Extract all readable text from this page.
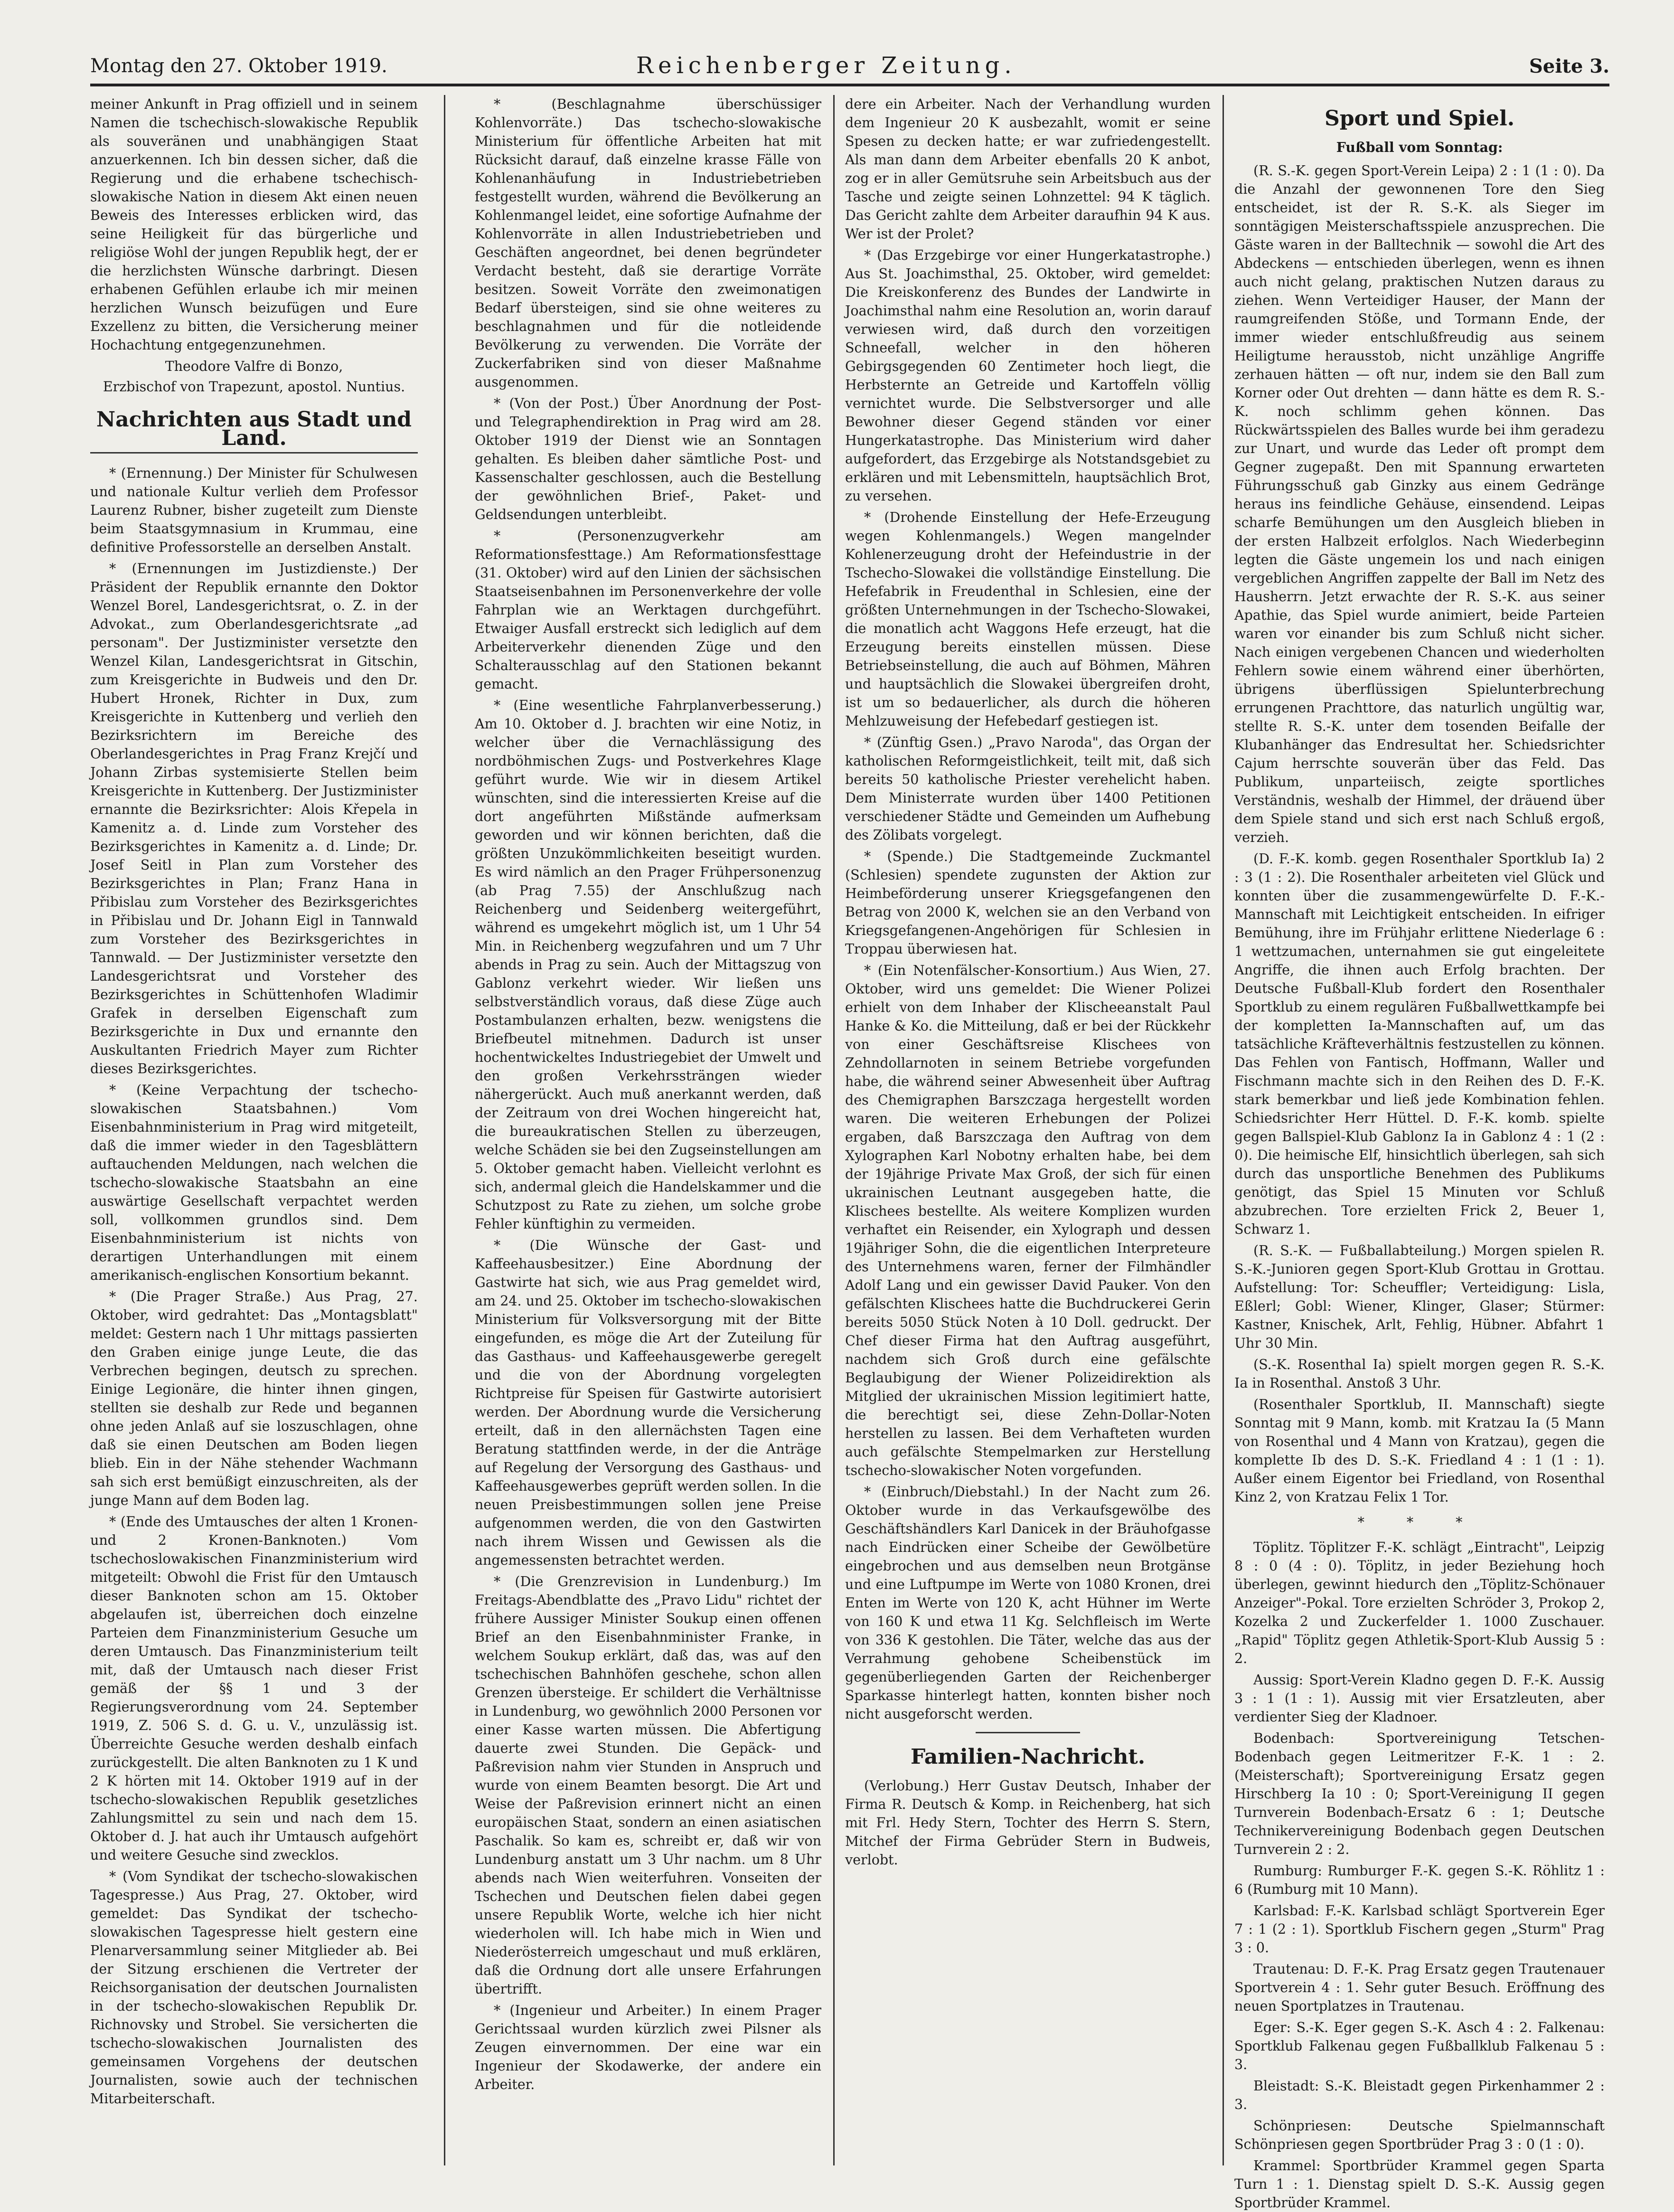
Montag den 27. Oktober 1919.	Reichenberger Zeitung.	Seite 3.

meiner Ankunft in Prag offiziell und in seinem Namen die tschechisch-slowakische Republik als souveränen und unabhängigen Staat anzuerkennen. Ich bin dessen sicher, daß die Regierung und die erhabene tschechisch-slowakische Nation in diesem Akt einen neuen Beweis des Interesses erblicken wird, das seine Heiligkeit für das bürgerliche und religiöse Wohl der jungen Republik hegt, der er die herzlichsten Wünsche darbringt. Diesen erhabenen Gefühlen erlaube ich mir meinen herzlichen Wunsch beizufügen und Eure Exzellenz zu bitten, die Versicherung meiner Hochachtung entgegenzunehmen.

Theodore Valfre di Bonzo,

Erzbischof von Trapezunt, apostol. Nuntius.

Nachrichten aus Stadt und Land.

* (Ernennung.) Der Minister für Schulwesen und nationale Kultur verlieh dem Professor Laurenz Rubner, bisher zugeteilt zum Dienste beim Staatsgymnasium in Krummau, eine definitive Professorstelle an derselben Anstalt.

* (Ernennungen im Justizdienste.) Der Präsident der Republik ernannte den Doktor Wenzel Borel, Landesgerichtsrat, o. Z. in der Advokat., zum Oberlandesgerichtsrate „ad personam". Der Justizminister versetzte den Wenzel Kilan, Landesgerichtsrat in Gitschin, zum Kreisgerichte in Budweis und den Dr. Hubert Hronek, Richter in Dux, zum Kreisgerichte in Kuttenberg und verlieh den Bezirksrichtern im Bereiche des Oberlandesgerichtes in Prag Franz Krejčí und Johann Zirbas systemisierte Stellen beim Kreisgerichte in Kuttenberg. Der Justizminister ernannte die Bezirksrichter: Alois Křepela in Kamenitz a. d. Linde zum Vorsteher des Bezirksgerichtes in Kamenitz a. d. Linde; Dr. Josef Seitl in Plan zum Vorsteher des Bezirksgerichtes in Plan; Franz Hana in Přibislau zum Vorsteher des Bezirksgerichtes in Přibislau und Dr. Johann Eigl in Tannwald zum Vorsteher des Bezirksgerichtes in Tannwald. — Der Justizminister versetzte den Landesgerichtsrat und Vorsteher des Bezirksgerichtes in Schüttenhofen Wladimir Grafek in derselben Eigenschaft zum Bezirksgerichte in Dux und ernannte den Auskultanten Friedrich Mayer zum Richter dieses Bezirksgerichtes.

* (Keine Verpachtung der tschecho-slowakischen Staatsbahnen.) Vom Eisenbahnministerium in Prag wird mitgeteilt, daß die immer wieder in den Tagesblättern auftauchenden Meldungen, nach welchen die tschecho-slowakische Staatsbahn an eine auswärtige Gesellschaft verpachtet werden soll, vollkommen grundlos sind. Dem Eisenbahnministerium ist nichts von derartigen Unterhandlungen mit einem amerikanisch-englischen Konsortium bekannt.

* (Die Prager Straße.) Aus Prag, 27. Oktober, wird gedrahtet: Das „Montagsblatt" meldet: Gestern nach 1 Uhr mittags passierten den Graben einige junge Leute, die das Verbrechen begingen, deutsch zu sprechen. Einige Legionäre, die hinter ihnen gingen, stellten sie deshalb zur Rede und begannen ohne jeden Anlaß auf sie loszuschlagen, ohne daß sie einen Deutschen am Boden liegen blieb. Ein in der Nähe stehender Wachmann sah sich erst bemüßigt einzuschreiten, als der junge Mann auf dem Boden lag.

* (Ende des Umtausches der alten 1 Kronen- und 2 Kronen-Banknoten.) Vom tschechoslowakischen Finanzministerium wird mitgeteilt: Obwohl die Frist für den Umtausch dieser Banknoten schon am 15. Oktober abgelaufen ist, überreichen doch einzelne Parteien dem Finanzministerium Gesuche um deren Umtausch. Das Finanzministerium teilt mit, daß der Umtausch nach dieser Frist gemäß der §§ 1 und 3 der Regierungsverordnung vom 24. September 1919, Z. 506 S. d. G. u. V., unzulässig ist. Überreichte Gesuche werden deshalb einfach zurückgestellt. Die alten Banknoten zu 1 K und 2 K hörten mit 14. Oktober 1919 auf in der tschecho-slowakischen Republik gesetzliches Zahlungsmittel zu sein und nach dem 15. Oktober d. J. hat auch ihr Umtausch aufgehört und weitere Gesuche sind zwecklos.

* (Vom Syndikat der tschecho-slowakischen Tagespresse.) Aus Prag, 27. Oktober, wird gemeldet: Das Syndikat der tschecho-slowakischen Tagespresse hielt gestern eine Plenarversammlung seiner Mitglieder ab. Bei der Sitzung erschienen die Vertreter der Reichsorganisation der deutschen Journalisten in der tschecho-slowakischen Republik Dr. Richnovsky und Strobel. Sie versicherten die tschecho-slowakischen Journalisten des gemeinsamen Vorgehens der deutschen Journalisten, sowie auch der technischen Mitarbeiterschaft.

* (Beschlagnahme überschüssiger Kohlenvorräte.) Das tschecho-slowakische Ministerium für öffentliche Arbeiten hat mit Rücksicht darauf, daß einzelne krasse Fälle von Kohlenanhäufung in Industriebetrieben festgestellt wurden, während die Bevölkerung an Kohlenmangel leidet, eine sofortige Aufnahme der Kohlenvorräte in allen Industriebetrieben und Geschäften angeordnet, bei denen begründeter Verdacht besteht, daß sie derartige Vorräte besitzen. Soweit Vorräte den zweimonatigen Bedarf übersteigen, sind sie ohne weiteres zu beschlagnahmen und für die notleidende Bevölkerung zu verwenden. Die Vorräte der Zuckerfabriken sind von dieser Maßnahme ausgenommen.

* (Von der Post.) Über Anordnung der Post- und Telegraphendirektion in Prag wird am 28. Oktober 1919 der Dienst wie an Sonntagen gehalten. Es bleiben daher sämtliche Post- und Kassenschalter geschlossen, auch die Bestellung der gewöhnlichen Brief-, Paket- und Geldsendungen unterbleibt.

* (Personenzugverkehr am Reformationsfesttage.) Am Reformationsfesttage (31. Oktober) wird auf den Linien der sächsischen Staatseisenbahnen im Personenverkehre der volle Fahrplan wie an Werktagen durchgeführt. Etwaiger Ausfall erstreckt sich lediglich auf dem Arbeiterverkehr dienenden Züge und den Schalterausschlag auf den Stationen bekannt gemacht.

* (Eine wesentliche Fahrplanverbesserung.) Am 10. Oktober d. J. brachten wir eine Notiz, in welcher über die Vernachlässigung des nordböhmischen Zugs- und Postverkehres Klage geführt wurde. Wie wir in diesem Artikel wünschten, sind die interessierten Kreise auf die dort angeführten Mißstände aufmerksam geworden und wir können berichten, daß die größten Unzukömmlichkeiten beseitigt wurden. Es wird nämlich an den Prager Frühpersonenzug (ab Prag 7.55) der Anschlußzug nach Reichenberg und Seidenberg weitergeführt, während es umgekehrt möglich ist, um 1 Uhr 54 Min. in Reichenberg wegzufahren und um 7 Uhr abends in Prag zu sein. Auch der Mittagszug von Gablonz verkehrt wieder. Wir ließen uns selbstverständlich voraus, daß diese Züge auch Postambulanzen erhalten, bezw. wenigstens die Briefbeutel mitnehmen. Dadurch ist unser hochentwickeltes Industriegebiet der Umwelt und den großen Verkehrssträngen wieder nähergerückt. Auch muß anerkannt werden, daß der Zeitraum von drei Wochen hingereicht hat, die bureaukratischen Stellen zu überzeugen, welche Schäden sie bei den Zugseinstellungen am 5. Oktober gemacht haben. Vielleicht verlohnt es sich, andermal gleich die Handelskammer und die Schutzpost zu Rate zu ziehen, um solche grobe Fehler künftighin zu vermeiden.

* (Die Wünsche der Gast- und Kaffeehausbesitzer.) Eine Abordnung der Gastwirte hat sich, wie aus Prag gemeldet wird, am 24. und 25. Oktober im tschecho-slowakischen Ministerium für Volksversorgung mit der Bitte eingefunden, es möge die Art der Zuteilung für das Gasthaus- und Kaffeehausgewerbe geregelt und die von der Abordnung vorgelegten Richtpreise für Speisen für Gastwirte autorisiert werden. Der Abordnung wurde die Versicherung erteilt, daß in den allernächsten Tagen eine Beratung stattfinden werde, in der die Anträge auf Regelung der Versorgung des Gasthaus- und Kaffeehausgewerbes geprüft werden sollen. In die neuen Preisbestimmungen sollen jene Preise aufgenommen werden, die von den Gastwirten nach ihrem Wissen und Gewissen als die angemessensten betrachtet werden.

* (Die Grenzrevision in Lundenburg.) Im Freitags-Abendblatte des „Pravo Lidu" richtet der frühere Aussiger Minister Soukup einen offenen Brief an den Eisenbahnminister Franke, in welchem Soukup erklärt, daß das, was auf den tschechischen Bahnhöfen geschehe, schon allen Grenzen übersteige. Er schildert die Verhältnisse in Lundenburg, wo gewöhnlich 2000 Personen vor einer Kasse warten müssen. Die Abfertigung dauerte zwei Stunden. Die Gepäck- und Paßrevision nahm vier Stunden in Anspruch und wurde von einem Beamten besorgt. Die Art und Weise der Paßrevision erinnert nicht an einen europäischen Staat, sondern an einen asiatischen Paschalik. So kam es, schreibt er, daß wir von Lundenburg anstatt um 3 Uhr nachm. um 8 Uhr abends nach Wien weiterfuhren. Vonseiten der Tschechen und Deutschen fielen dabei gegen unsere Republik Worte, welche ich hier nicht wiederholen will. Ich habe mich in Wien und Niederösterreich umgeschaut und muß erklären, daß die Ordnung dort alle unsere Erfahrungen übertrifft.

* (Ingenieur und Arbeiter.) In einem Prager Gerichtssaal wurden kürzlich zwei Pilsner als Zeugen einvernommen. Der eine war ein Ingenieur der Skodawerke, der andere ein Arbeiter.

dere ein Arbeiter. Nach der Verhandlung wurden dem Ingenieur 20 K ausbezahlt, womit er seine Spesen zu decken hatte; er war zufriedengestellt. Als man dann dem Arbeiter ebenfalls 20 K anbot, zog er in aller Gemütsruhe sein Arbeitsbuch aus der Tasche und zeigte seinen Lohnzettel: 94 K täglich. Das Gericht zahlte dem Arbeiter daraufhin 94 K aus. Wer ist der Prolet?

* (Das Erzgebirge vor einer Hungerkatastrophe.) Aus St. Joachimsthal, 25. Oktober, wird gemeldet: Die Kreiskonferenz des Bundes der Landwirte in Joachimsthal nahm eine Resolution an, worin darauf verwiesen wird, daß durch den vorzeitigen Schneefall, welcher in den höheren Gebirgsgegenden 60 Zentimeter hoch liegt, die Herbsternte an Getreide und Kartoffeln völlig vernichtet wurde. Die Selbstversorger und alle Bewohner dieser Gegend ständen vor einer Hungerkatastrophe. Das Ministerium wird daher aufgefordert, das Erzgebirge als Notstandsgebiet zu erklären und mit Lebensmitteln, hauptsächlich Brot, zu versehen.

* (Drohende Einstellung der Hefe-Erzeugung wegen Kohlenmangels.) Wegen mangelnder Kohlenerzeugung droht der Hefeindustrie in der Tschecho-Slowakei die vollständige Einstellung. Die Hefefabrik in Freudenthal in Schlesien, eine der größten Unternehmungen in der Tschecho-Slowakei, die monatlich acht Waggons Hefe erzeugt, hat die Erzeugung bereits einstellen müssen. Diese Betriebseinstellung, die auch auf Böhmen, Mähren und hauptsächlich die Slowakei übergreifen droht, ist um so bedauerlicher, als durch die höheren Mehlzuweisung der Hefebedarf gestiegen ist.

* (Zünftig Gsen.) „Pravo Naroda", das Organ der katholischen Reformgeistlichkeit, teilt mit, daß sich bereits 50 katholische Priester verehelicht haben. Dem Ministerrate wurden über 1400 Petitionen verschiedener Städte und Gemeinden um Aufhebung des Zölibats vorgelegt.

* (Spende.) Die Stadtgemeinde Zuckmantel (Schlesien) spendete zugunsten der Aktion zur Heimbeförderung unserer Kriegsgefangenen den Betrag von 2000 K, welchen sie an den Verband von Kriegsgefangenen-Angehörigen für Schlesien in Troppau überwiesen hat.

* (Ein Notenfälscher-Konsortium.) Aus Wien, 27. Oktober, wird uns gemeldet: Die Wiener Polizei erhielt von dem Inhaber der Klischeeanstalt Paul Hanke & Ko. die Mitteilung, daß er bei der Rückkehr von einer Geschäftsreise Klischees von Zehndollarnoten in seinem Betriebe vorgefunden habe, die während seiner Abwesenheit über Auftrag des Chemigraphen Barszczaga hergestellt worden waren. Die weiteren Erhebungen der Polizei ergaben, daß Barszczaga den Auftrag von dem Xylographen Karl Nobotny erhalten habe, bei dem der 19jährige Private Max Groß, der sich für einen ukrainischen Leutnant ausgegeben hatte, die Klischees bestellte. Als weitere Komplizen wurden verhaftet ein Reisender, ein Xylograph und dessen 19jähriger Sohn, die die eigentlichen Interpreteure des Unternehmens waren, ferner der Filmhändler Adolf Lang und ein gewisser David Pauker. Von den gefälschten Klischees hatte die Buchdruckerei Gerin bereits 5050 Stück Noten à 10 Doll. gedruckt. Der Chef dieser Firma hat den Auftrag ausgeführt, nachdem sich Groß durch eine gefälschte Beglaubigung der Wiener Polizeidirektion als Mitglied der ukrainischen Mission legitimiert hatte, die berechtigt sei, diese Zehn-Dollar-Noten herstellen zu lassen. Bei dem Verhafteten wurden auch gefälschte Stempelmarken zur Herstellung tschecho-slowakischer Noten vorgefunden.

* (Einbruch/Diebstahl.) In der Nacht zum 26. Oktober wurde in das Verkaufsgewölbe des Geschäftshändlers Karl Danicek in der Bräuhofgasse nach Eindrücken einer Scheibe der Gewölbetüre eingebrochen und aus demselben neun Brotgänse und eine Luftpumpe im Werte von 1080 Kronen, drei Enten im Werte von 120 K, acht Hühner im Werte von 160 K und etwa 11 Kg. Selchfleisch im Werte von 336 K gestohlen. Die Täter, welche das aus der Verrahmung gehobene Scheibenstück im gegenüberliegenden Garten der Reichenberger Sparkasse hinterlegt hatten, konnten bisher noch nicht ausgeforscht werden.

Familien-Nachricht.

(Verlobung.) Herr Gustav Deutsch, Inhaber der Firma R. Deutsch & Komp. in Reichenberg, hat sich mit Frl. Hedy Stern, Tochter des Herrn S. Stern, Mitchef der Firma Gebrüder Stern in Budweis, verlobt.

Sport und Spiel.

Fußball vom Sonntag:

(R. S.-K. gegen Sport-Verein Leipa) 2 : 1 (1 : 0). Da die Anzahl der gewonnenen Tore den Sieg entscheidet, ist der R. S.-K. als Sieger im sonntägigen Meisterschaftsspiele anzusprechen. Die Gäste waren in der Balltechnik — sowohl die Art des Abdeckens — entschieden überlegen, wenn es ihnen auch nicht gelang, praktischen Nutzen daraus zu ziehen. Wenn Verteidiger Hauser, der Mann der raumgreifenden Stöße, und Tormann Ende, der immer wieder entschlußfreudig aus seinem Heiligtume herausstob, nicht unzählige Angriffe zerhauen hätten — oft nur, indem sie den Ball zum Korner oder Out drehten — dann hätte es dem R. S.-K. noch schlimm gehen können. Das Rückwärtsspielen des Balles wurde bei ihm geradezu zur Unart, und wurde das Leder oft prompt dem Gegner zugepaßt. Den mit Spannung erwarteten Führungsschuß gab Ginzky aus einem Gedränge heraus ins feindliche Gehäuse, einsendend. Leipas scharfe Bemühungen um den Ausgleich blieben in der ersten Halbzeit erfolglos. Nach Wiederbeginn legten die Gäste ungemein los und nach einigen vergeblichen Angriffen zappelte der Ball im Netz des Hausherrn. Jetzt erwachte der R. S.-K. aus seiner Apathie, das Spiel wurde animiert, beide Parteien waren vor einander bis zum Schluß nicht sicher. Nach einigen vergebenen Chancen und wiederholten Fehlern sowie einem während einer überhörten, übrigens überflüssigen Spielunterbrechung errungenen Prachttore, das naturlich ungültig war, stellte R. S.-K. unter dem tosenden Beifalle der Klubanhänger das Endresultat her. Schiedsrichter Cajum herrschte souverän über das Feld. Das Publikum, unparteiisch, zeigte sportliches Verständnis, weshalb der Himmel, der dräuend über dem Spiele stand und sich erst nach Schluß ergoß, verzieh.

(D. F.-K. komb. gegen Rosenthaler Sportklub Ia) 2 : 3 (1 : 2). Die Rosenthaler arbeiteten viel Glück und konnten über die zusammengewürfelte D. F.-K.-Mannschaft mit Leichtigkeit entscheiden. In eifriger Bemühung, ihre im Frühjahr erlittene Niederlage 6 : 1 wettzumachen, unternahmen sie gut eingeleitete Angriffe, die ihnen auch Erfolg brachten. Der Deutsche Fußball-Klub fordert den Rosenthaler Sportklub zu einem regulären Fußballwettkampfe bei der kompletten Ia-Mannschaften auf, um das tatsächliche Kräfteverhältnis festzustellen zu können. Das Fehlen von Fantisch, Hoffmann, Waller und Fischmann machte sich in den Reihen des D. F.-K. stark bemerkbar und ließ jede Kombination fehlen. Schiedsrichter Herr Hüttel. D. F.-K. komb. spielte gegen Ballspiel-Klub Gablonz Ia in Gablonz 4 : 1 (2 : 0). Die heimische Elf, hinsichtlich überlegen, sah sich durch das unsportliche Benehmen des Publikums genötigt, das Spiel 15 Minuten vor Schluß abzubrechen. Tore erzielten Frick 2, Beuer 1, Schwarz 1.

(R. S.-K. — Fußballabteilung.) Morgen spielen R. S.-K.-Junioren gegen Sport-Klub Grottau in Grottau. Aufstellung: Tor: Scheuffler; Verteidigung: Lisla, Eßlerl; Gobl: Wiener, Klinger, Glaser; Stürmer: Kastner, Knischek, Arlt, Fehlig, Hübner. Abfahrt 1 Uhr 30 Min.

(S.-K. Rosenthal Ia) spielt morgen gegen R. S.-K. Ia in Rosenthal. Anstoß 3 Uhr.

(Rosenthaler Sportklub, II. Mannschaft) siegte Sonntag mit 9 Mann, komb. mit Kratzau Ia (5 Mann von Rosenthal und 4 Mann von Kratzau), gegen die komplette Ib des D. S.-K. Friedland 4 : 1 (1 : 1). Außer einem Eigentor bei Friedland, von Rosenthal Kinz 2, von Kratzau Felix 1 Tor.

* * *

Töplitz. Töplitzer F.-K. schlägt „Eintracht", Leipzig 8 : 0 (4 : 0). Töplitz, in jeder Beziehung hoch überlegen, gewinnt hiedurch den „Töplitz-Schönauer Anzeiger"-Pokal. Tore erzielten Schröder 3, Prokop 2, Kozelka 2 und Zuckerfelder 1. 1000 Zuschauer. „Rapid" Töplitz gegen Athletik-Sport-Klub Aussig 5 : 2.

Aussig: Sport-Verein Kladno gegen D. F.-K. Aussig 3 : 1 (1 : 1). Aussig mit vier Ersatzleuten, aber verdienter Sieg der Kladnoer.

Bodenbach: Sportvereinigung Tetschen-Bodenbach gegen Leitmeritzer F.-K. 1 : 2. (Meisterschaft); Sportvereinigung Ersatz gegen Hirschberg Ia 10 : 0; Sport-Vereinigung II gegen Turnverein Bodenbach-Ersatz 6 : 1; Deutsche Technikervereinigung Bodenbach gegen Deutschen Turnverein 2 : 2.

Rumburg: Rumburger F.-K. gegen S.-K. Röhlitz 1 : 6 (Rumburg mit 10 Mann).

Karlsbad: F.-K. Karlsbad schlägt Sportverein Eger 7 : 1 (2 : 1). Sportklub Fischern gegen „Sturm" Prag 3 : 0.

Trautenau: D. F.-K. Prag Ersatz gegen Trautenauer Sportverein 4 : 1. Sehr guter Besuch. Eröffnung des neuen Sportplatzes in Trautenau.

Eger: S.-K. Eger gegen S.-K. Asch 4 : 2. Falkenau: Sportklub Falkenau gegen Fußballklub Falkenau 5 : 3.

Bleistadt: S.-K. Bleistadt gegen Pirkenhammer 2 : 3.

Schönpriesen: Deutsche Spielmannschaft Schönpriesen gegen Sportbrüder Prag 3 : 0 (1 : 0).

Krammel: Sportbrüder Krammel gegen Sparta Turn 1 : 1. Dienstag spielt D. S.-K. Aussig gegen Sportbrüder Krammel.
